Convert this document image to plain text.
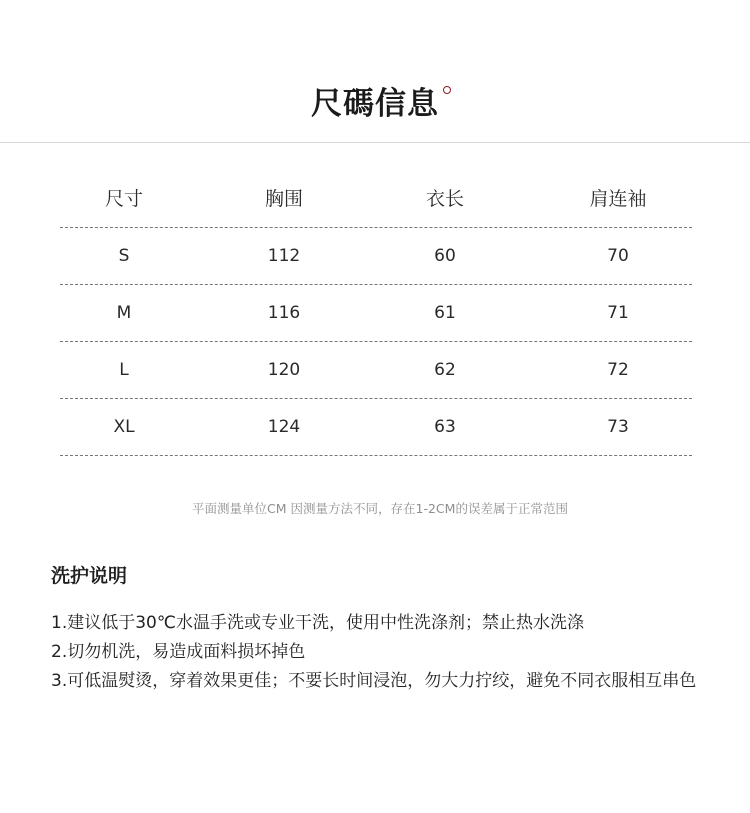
尺碼信息
尺寸	胸围	衣长	肩连袖
S	112	60	70
M	116	61	71
L	120	62	72
XL	124	63	73
平面测量单位CM 因测量方法不同，存在1-2CM的误差属于正常范围
洗护说明
1.建议低于30℃水温手洗或专业干洗，使用中性洗涤剂；禁止热水洗涤
2.切勿机洗，易造成面料损坏掉色
3.可低温熨烫，穿着效果更佳；不要长时间浸泡，勿大力拧绞，避免不同衣服相互串色
